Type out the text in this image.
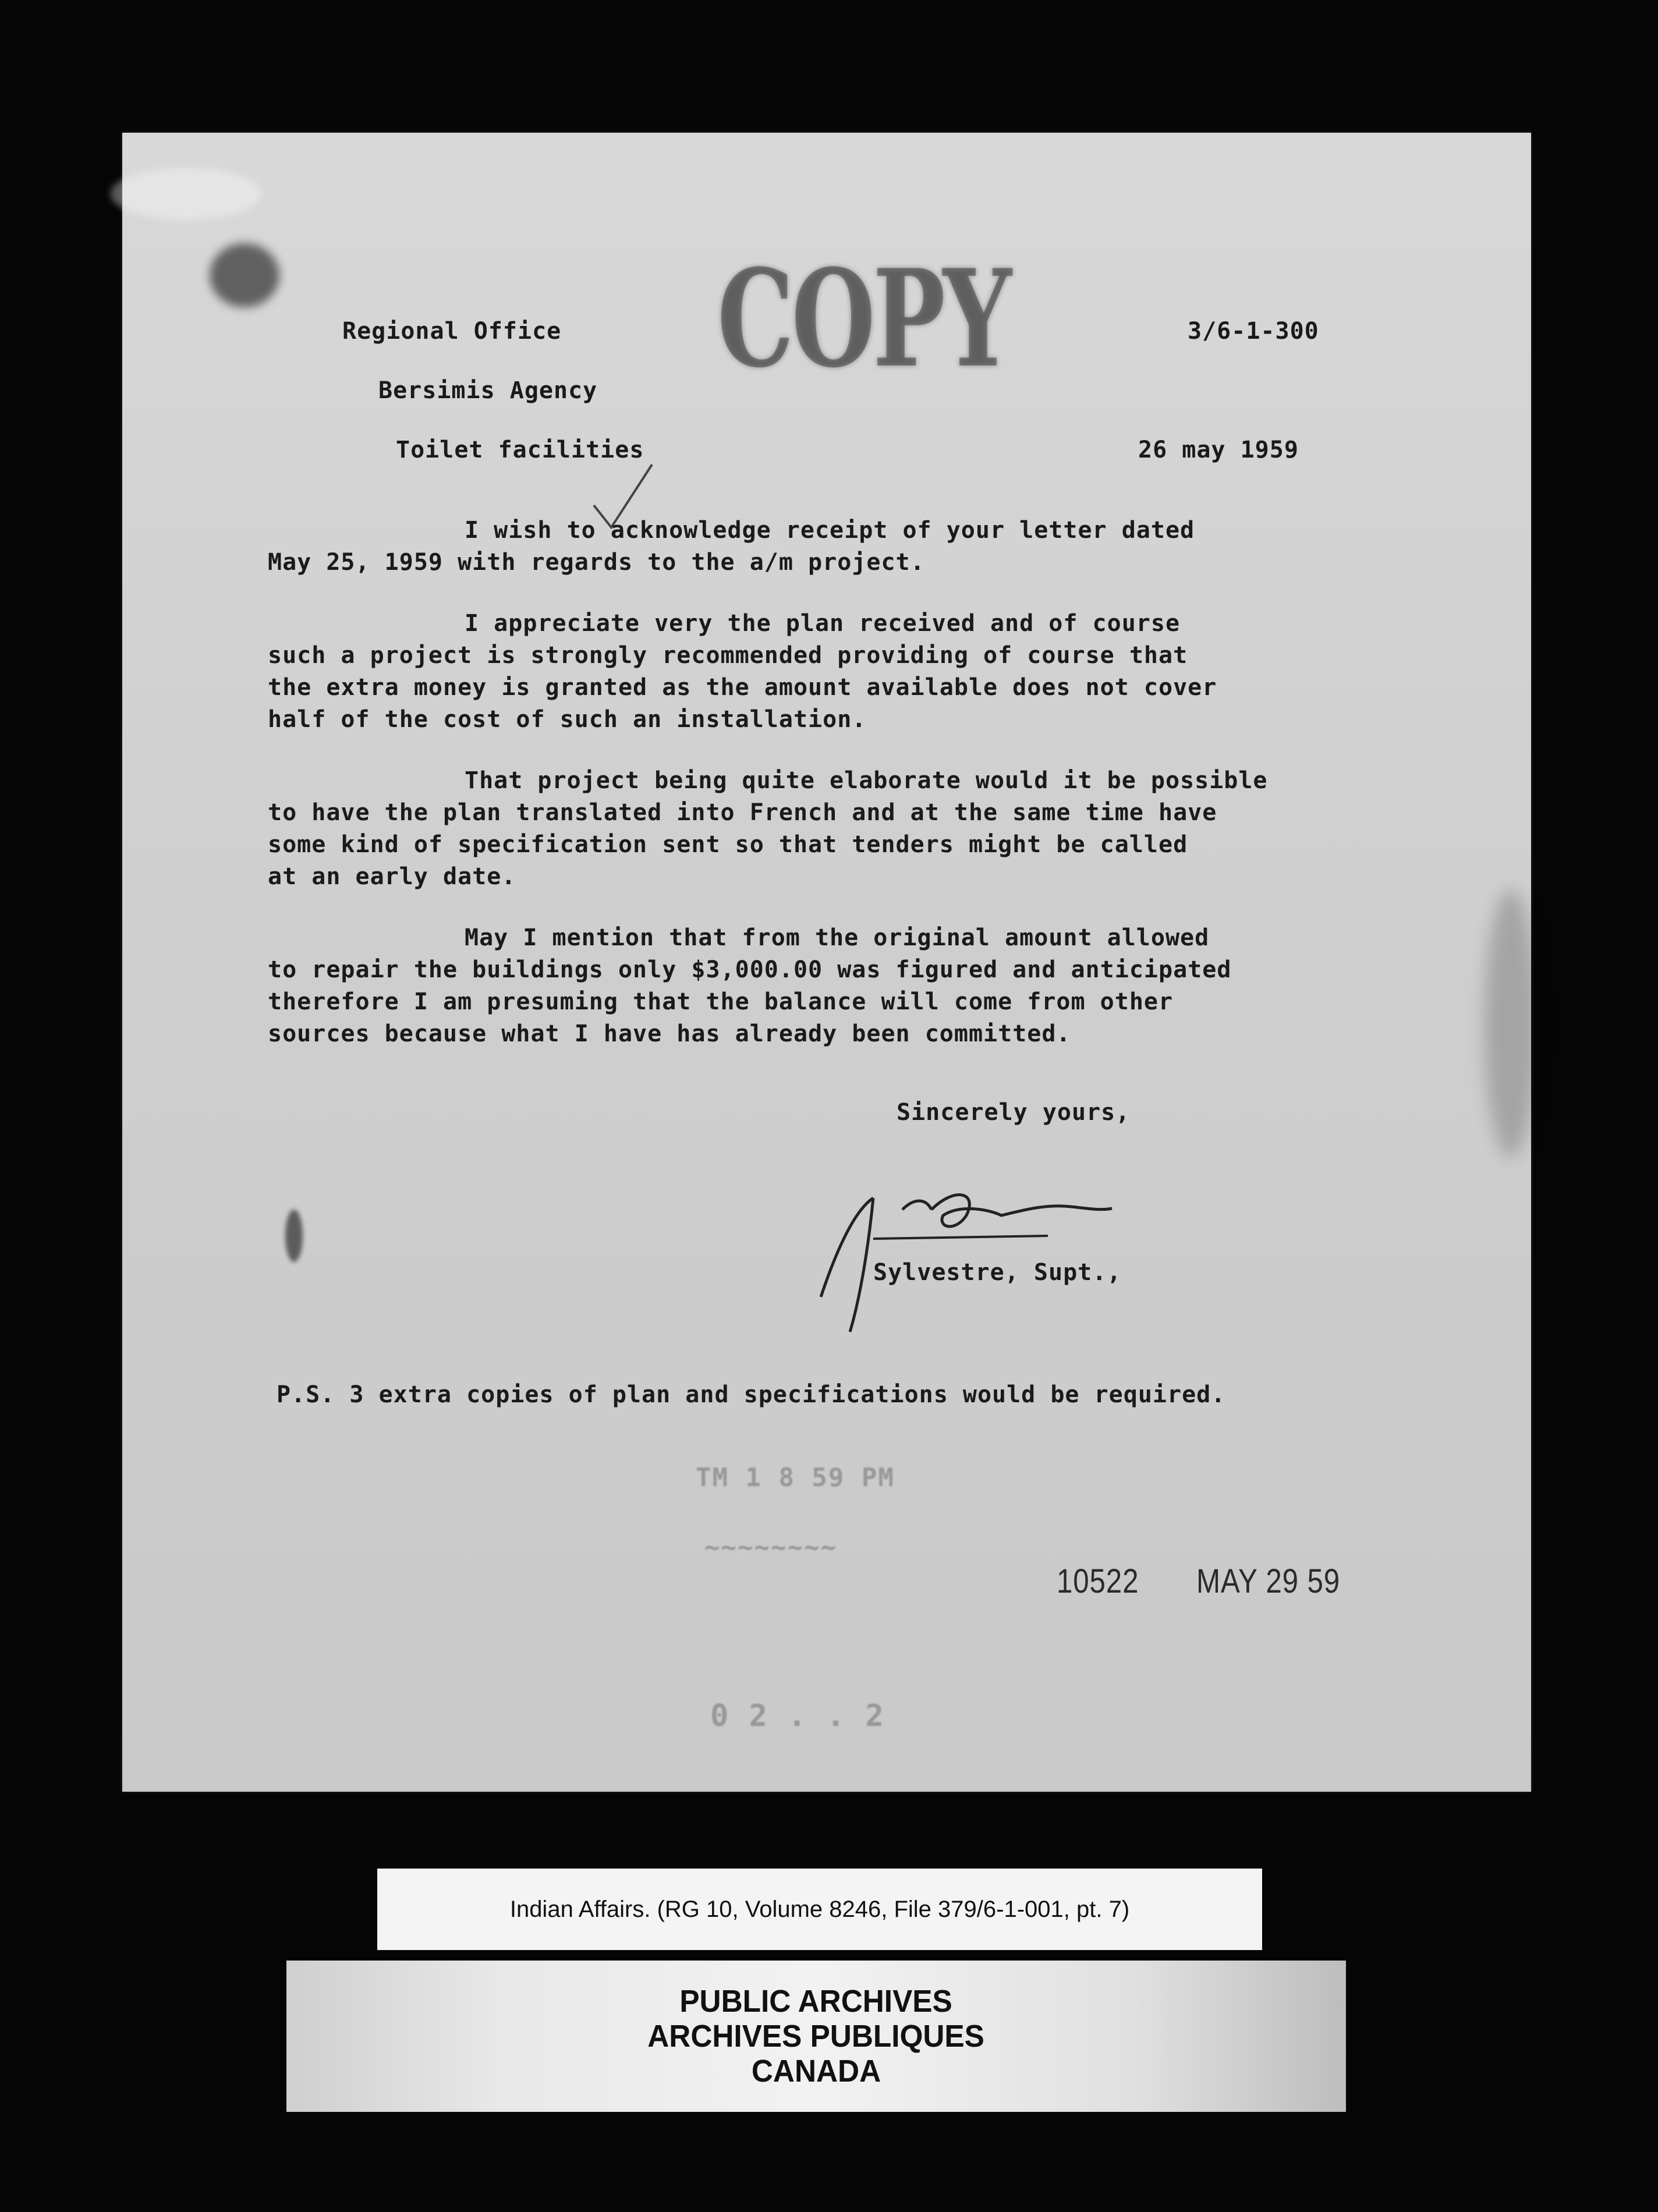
COPY
Regional Office	3/6-1-300
Bersimis Agency
Toilet facilities	26 may 1959
I wish to acknowledge receipt of your letter dated
May 25, 1959 with regards to the a/m project.
I appreciate very the plan received and of course
such a project is strongly recommended providing of course that
the extra money is granted as the amount available does not cover
half of the cost of such an installation.
That project being quite elaborate would it be possible
to have the plan translated into French and at the same time have
some kind of specification sent so that tenders might be called
at an early date.
May I mention that from the original amount allowed
to repair the buildings only $3,000.00 was figured and anticipated
therefore I am presuming that the balance will come from other
sources because what I have has already been committed.
Sincerely yours,
Sylvestre, Supt.,
P.S. 3 extra copies of plan and specifications would be required.
TM 1 8 59 PM
~~~~~~~~
10522 MAY 29 59
0 2 . . 2
Indian Affairs. (RG 10, Volume 8246, File 379/6-1-001, pt. 7)
PUBLIC ARCHIVES
ARCHIVES PUBLIQUES
CANADA
